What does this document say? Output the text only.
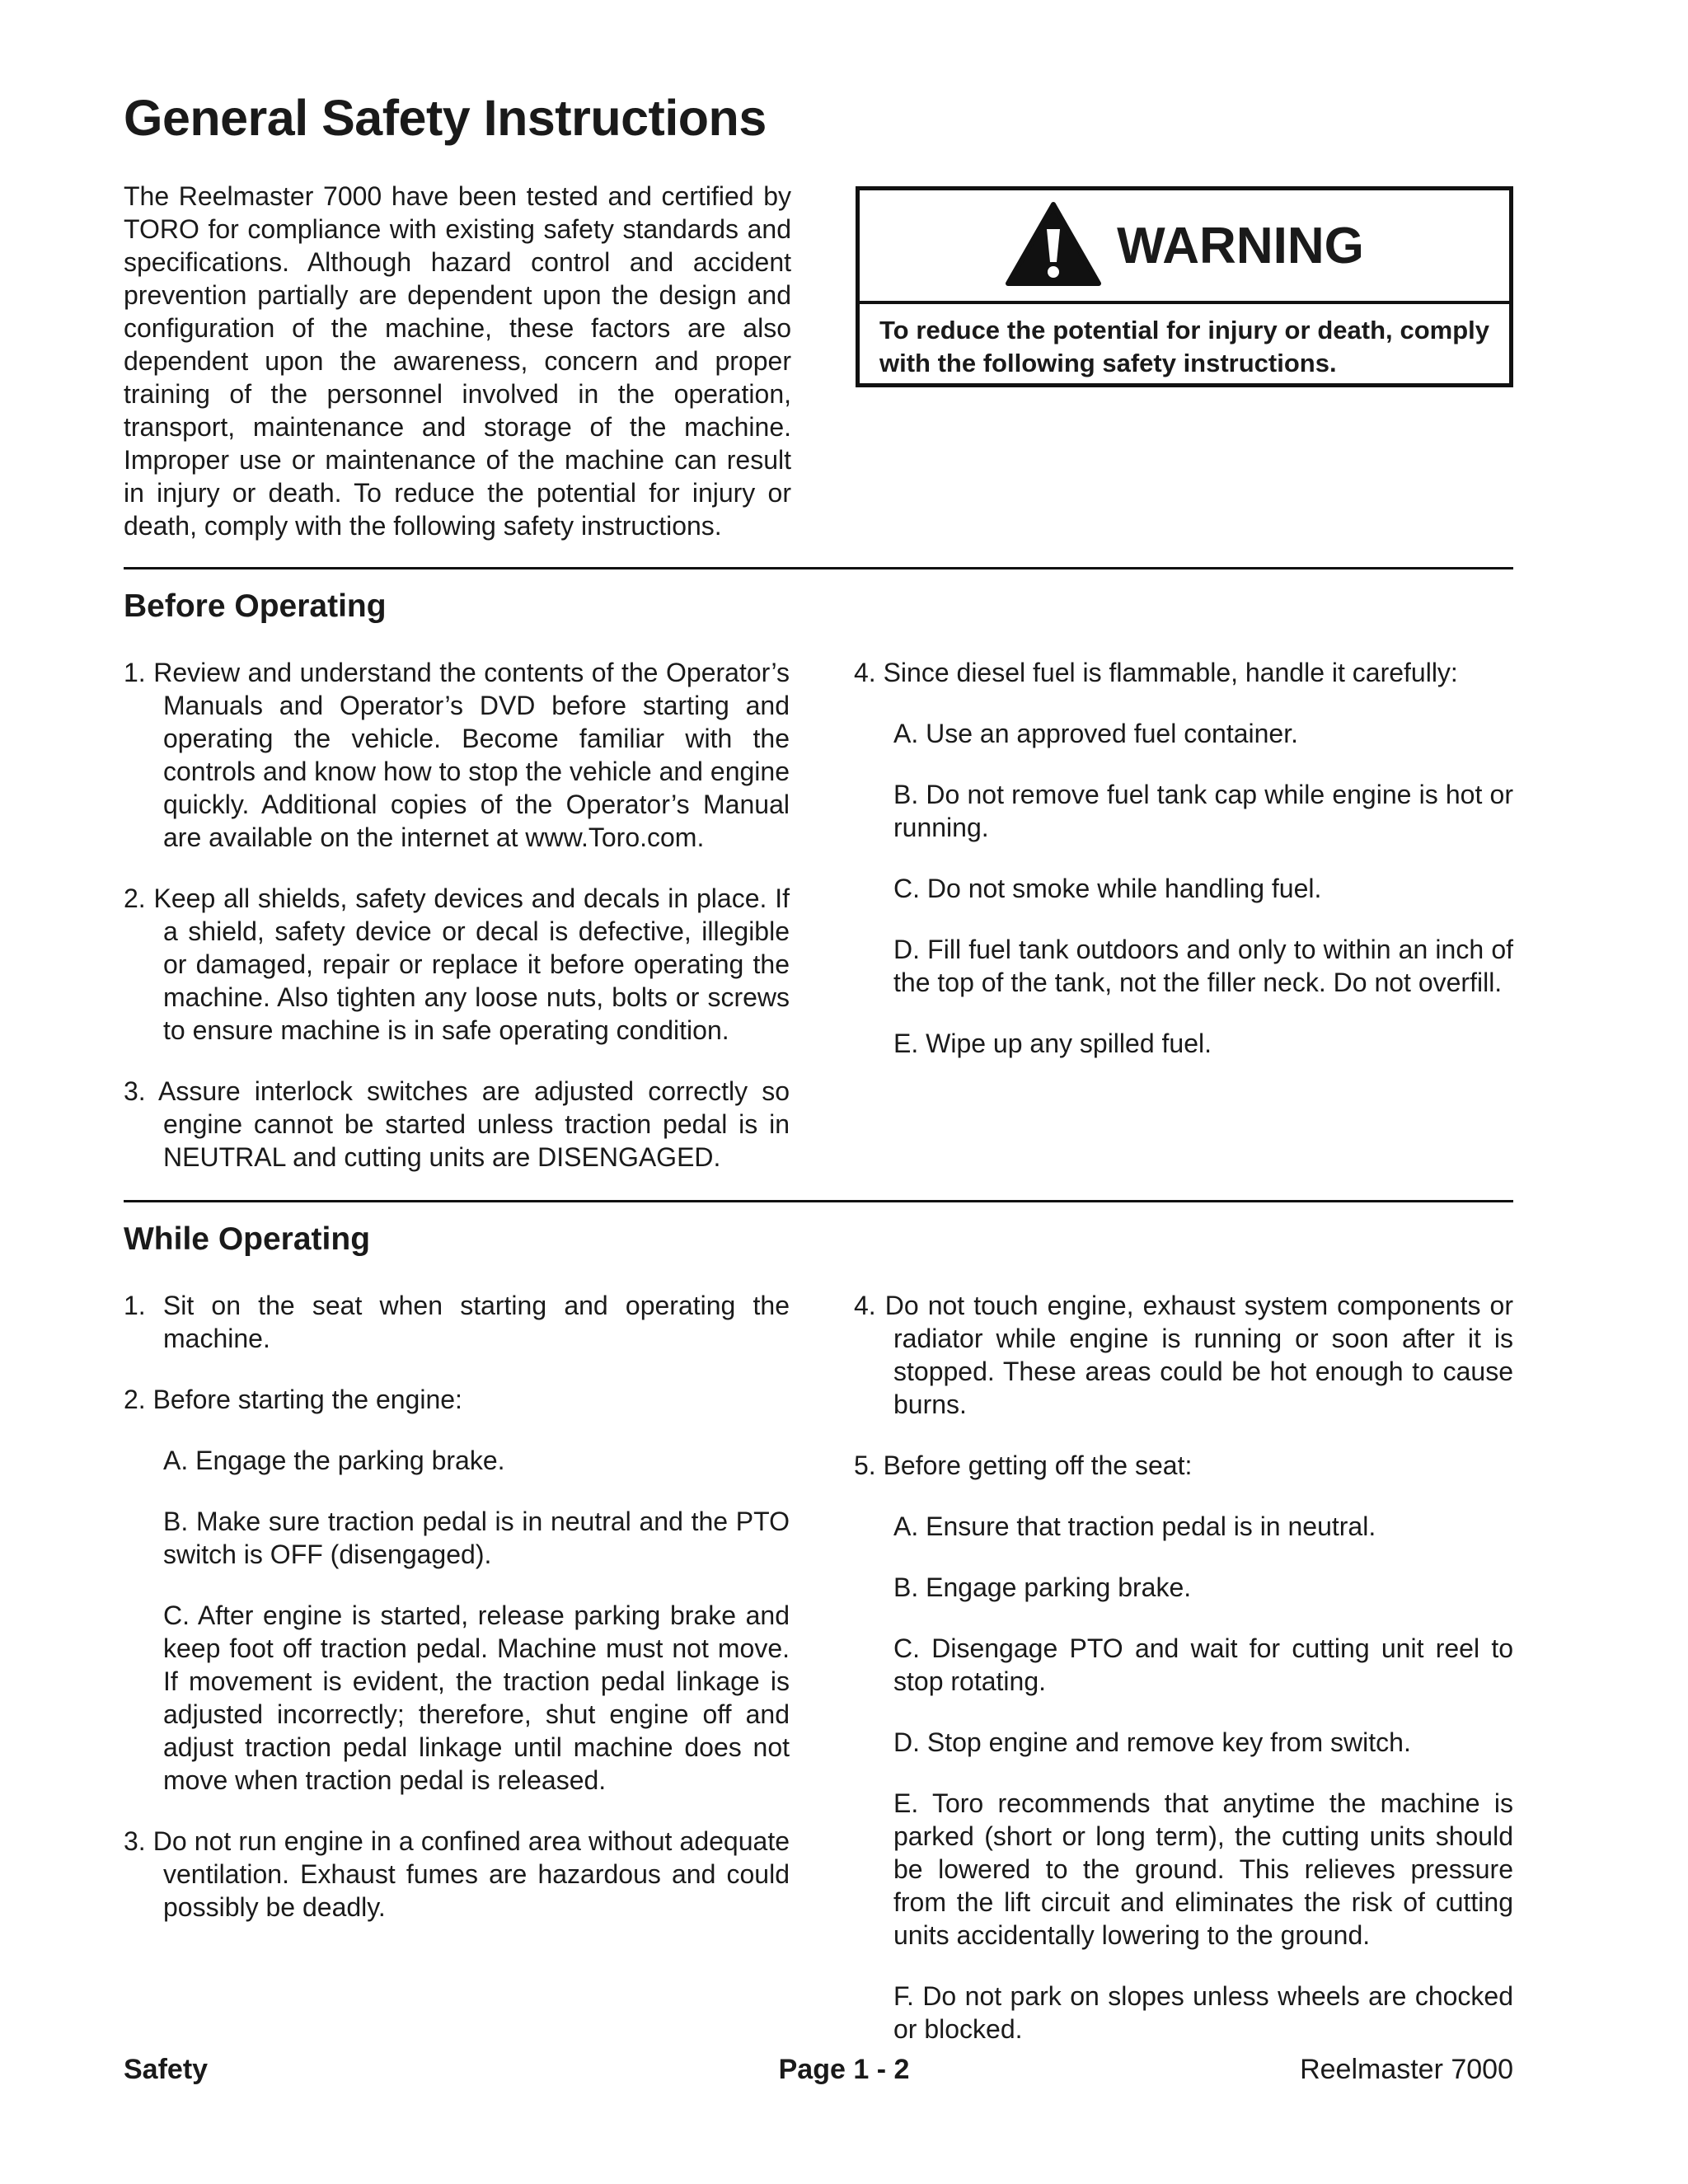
General Safety Instructions

The Reelmaster 7000 have been tested and certified by TORO for compliance with existing safety standards and specifications. Although hazard control and accident prevention partially are dependent upon the design and configuration of the machine, these factors are also dependent upon the awareness, concern and proper training of the personnel involved in the operation, transport, maintenance and storage of the machine. Improper use or maintenance of the machine can result in injury or death. To reduce the potential for injury or death, comply with the following safety instructions.

WARNING
To reduce the potential for injury or death, comply with the following safety instructions.
Before Operating

1. Review and understand the contents of the Operator’s Manuals and Operator’s DVD before starting and operating the vehicle. Become familiar with the controls and know how to stop the vehicle and engine quickly. Additional copies of the Operator’s Manual are available on the internet at www.Toro.com.

2. Keep all shields, safety devices and decals in place. If a shield, safety device or decal is defective, illegible or damaged, repair or replace it before operating the machine. Also tighten any loose nuts, bolts or screws to ensure machine is in safe operating condition.

3. Assure interlock switches are adjusted correctly so engine cannot be started unless traction pedal is in NEUTRAL and cutting units are DISENGAGED.

4. Since diesel fuel is flammable, handle it carefully:

A. Use an approved fuel container.

B. Do not remove fuel tank cap while engine is hot or running.

C. Do not smoke while handling fuel.

D. Fill fuel tank outdoors and only to within an inch of the top of the tank, not the filler neck. Do not overfill.

E. Wipe up any spilled fuel.

While Operating

1. Sit on the seat when starting and operating the machine.

2. Before starting the engine:

A. Engage the parking brake.

B. Make sure traction pedal is in neutral and the PTO switch is OFF (disengaged).

C. After engine is started, release parking brake and keep foot off traction pedal. Machine must not move. If movement is evident, the traction pedal linkage is adjusted incorrectly; therefore, shut engine off and adjust traction pedal linkage until machine does not move when traction pedal is released.

3. Do not run engine in a confined area without adequate ventilation. Exhaust fumes are hazardous and could possibly be deadly.

4. Do not touch engine, exhaust system components or radiator while engine is running or soon after it is stopped. These areas could be hot enough to cause burns.

5. Before getting off the seat:

A. Ensure that traction pedal is in neutral.

B. Engage parking brake.

C. Disengage PTO and wait for cutting unit reel to stop rotating.

D. Stop engine and remove key from switch.

E. Toro recommends that anytime the machine is parked (short or long term), the cutting units should be lowered to the ground. This relieves pressure from the lift circuit and eliminates the risk of cutting units accidentally lowering to the ground.

F. Do not park on slopes unless wheels are chocked or blocked.

Safety	Page 1 - 2	Reelmaster 7000
